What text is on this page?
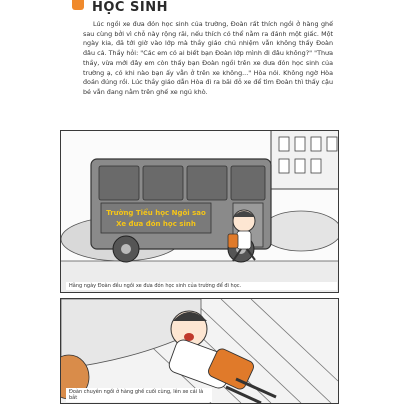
HỌC SINH

Lúc ngồi xe đưa đón học sinh của trường, Đoàn rất thích ngồi ở hàng ghế sau cùng bởi vì chỗ này rộng rãi, nếu thích có thể nằm ra đánh một giấc. Một ngày kia, đã tới giờ vào lớp mà thầy giáo chủ nhiệm vẫn không thấy Đoàn đâu cả. Thầy hỏi: "Các em có ai biết bạn Đoàn lớp mình đi đâu không?" "Thưa thầy, vừa mới đây em còn thấy bạn Đoàn ngồi trên xe đưa đón học sinh của trường ạ, có khi nào bạn ấy vẫn ở trên xe không..." Hòa nói. Không ngờ Hòa đoán đúng rồi. Lúc thầy giáo dẫn Hòa đi ra bãi đỗ xe để tìm Đoàn thì thấy cậu bé vẫn đang nằm trên ghế xe ngủ khò.

Trường Tiểu học Ngôi sao
Xe đưa đón học sinh
Hằng ngày Đoàn đều ngồi xe đưa đón học sinh của trường để đi học.
Đoàn chuyên ngồi ở hàng ghế cuối cùng, lên xe cái là bắt
